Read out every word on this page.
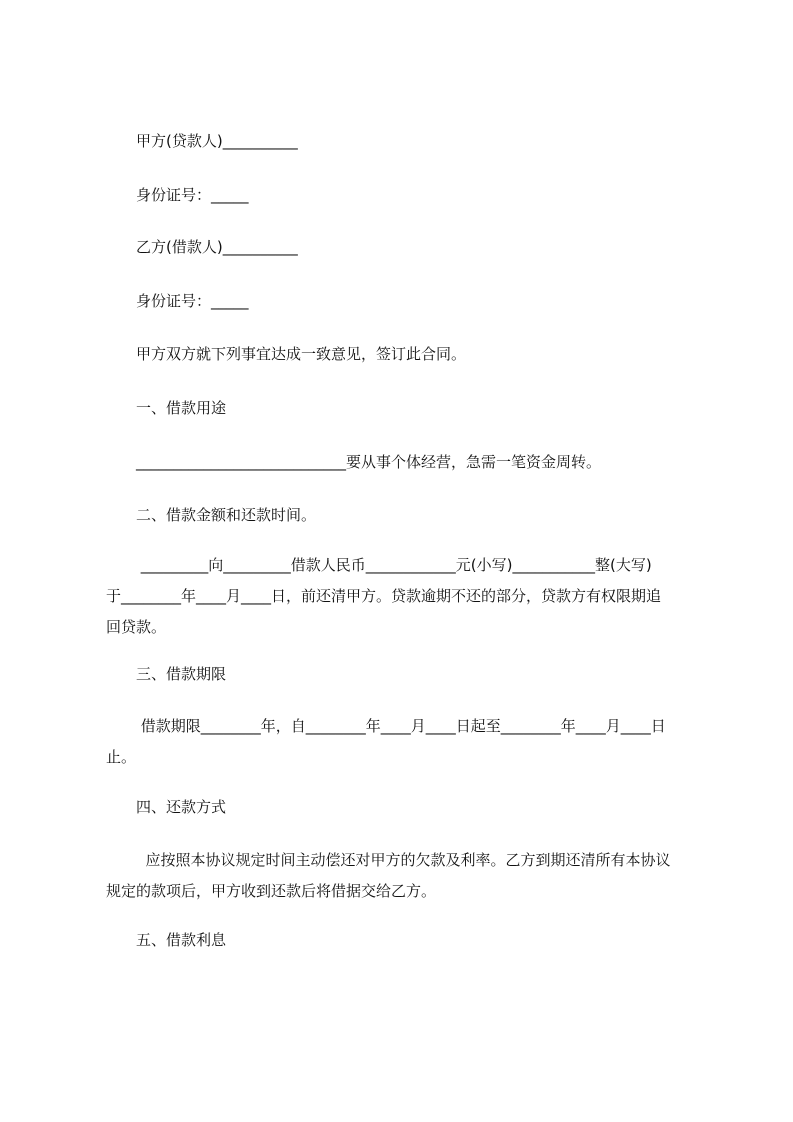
甲方(贷款人)__________
身份证号：_____
乙方(借款人)__________
身份证号：_____
甲方双方就下列事宜达成一致意见，签订此合同。
一、借款用途
____________________________要从事个体经营，急需一笔资金周转。
二、借款金额和还款时间。
_________向_________借款人民币____________元(小写)___________整(大写)
于________年____月____日，前还清甲方。贷款逾期不还的部分，贷款方有权限期追
回贷款。
三、借款期限
借款期限________年，自________年____月____日起至________年____月____日
止。
四、还款方式
应按照本协议规定时间主动偿还对甲方的欠款及利率。乙方到期还清所有本协议
规定的款项后，甲方收到还款后将借据交给乙方。
五、借款利息
